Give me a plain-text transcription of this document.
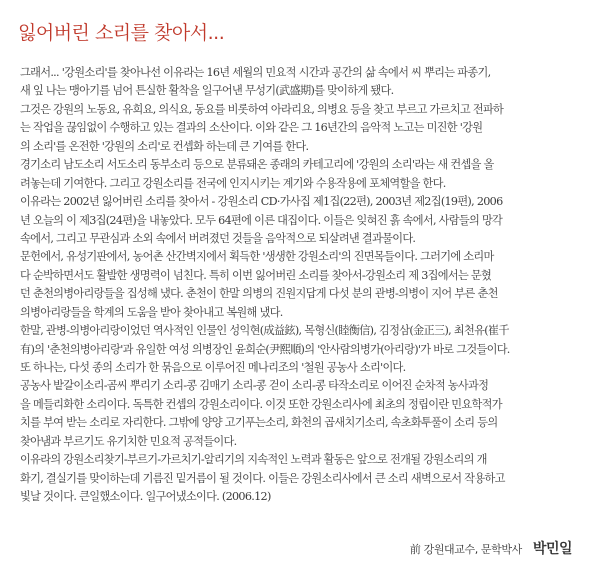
잃어버린 소리를 찾아서...
그래서... '강원소리'를 찾아나선 이유라는 16년 세월의 민요적 시간과 공간의 삶 속에서 씨 뿌리는 파종기,
새 잎 나는 맹아기를 넘어 튼실한 활착을 일구어낸 무성기(武盛期)를 맞이하게 됐다.
그것은 강원의 노동요, 유희요, 의식요, 동요를 비롯하여 아라리요, 의병요 등을 찾고 부르고 가르치고 전파하
는 작업을 끊임없이 수행하고 있는 결과의 소산이다. 이와 같은 그 16년간의 음악적 노고는 미진한 '강원
의 소리'를 온전한 '강원의 소리'로 컨셉화 하는데 큰 기여를 한다.
경기소리 남도소리 서도소리 동부소리 등으로 분류돼온 종래의 카테고리에 '강원의 소리'라는 새 컨셉을 올
려놓는데 기여한다. 그리고 강원소리를 전국에 인지시키는 계기와 수용작용에 포체역할을 한다.
이유라는 2002년 잃어버린 소리를 찾아서 - 강원소리 CD·가사집 제1집(22편), 2003년 제2집(19편), 2006
년 오늘의 이 제3집(24편)을 내놓았다. 모두 64편에 이른 대집이다. 이들은 잊혀진 흙 속에서, 사람들의 망각
속에서, 그리고 무관심과 소외 속에서 버려졌던 것들을 음악적으로 되살려낸 결과물이다.
문헌에서, 유성기판에서, 농어촌 산간벽지에서 획득한 '생생한 강원소리'의 진면목들이다. 그러기에 소리마
다 순박하면서도 활발한 생명력이 넘친다. 특히 이번 잃어버린 소리를 찾아서-강원소리 제 3집에서는 문혔
던 춘천의병아리랑들을 집성해 냈다. 춘천이 한말 의병의 진원지답게 다섯 분의 관병-의병이 지어 부른 춘천
의병아리랑들을 학계의 도움을 받아 찾아내고 복원해 냈다.
한말, 관병-의병아리랑이었던 역사적인 인물인 성익현(成益鉉), 목형신(睦衡信), 김정삼(金正三), 최천유(崔千
有)의 '춘천의병아리랑'과 유일한 여성 의병장인 윤희순(尹熙順)의 '안사람의병가(아리랑)'가 바로 그것들이다.
또 하나는, 다섯 종의 소리가 한 묶음으로 이루어진 메나리조의 '철원 공농사 소리'이다.
공농사 밭갈이소리-곰씨 뿌리기 소리-콩 김매기 소리-콩 걷이 소리-콩 타작소리로 이어진 순차적 농사과정
을 메들리화한 소리이다. 독특한 컨셉의 강원소리이다. 이것 또한 강원소리사에 최초의 정립이란 민요학적가
치를 부여 받는 소리로 자리한다. 그밖에 양양 고기푸는소리, 화천의 곱새치기소리, 속초화투풀이 소리 등의
찾아냄과 부르기도 유기치한 민요적 공적들이다.
이유라의 강원소리찾기-부르기-가르치기-알리기의 지속적인 노력과 활동은 앞으로 전개될 강원소리의 개
화기, 결실기를 맞이하는데 기름진 밑거름이 될 것이다. 이들은 강원소리사에서 큰 소리 새벽으로서 작용하고
빛날 것이다. 큰일했소이다. 일구어냈소이다. (2006.12)
前 강원대교수, 문학박사 박민일
